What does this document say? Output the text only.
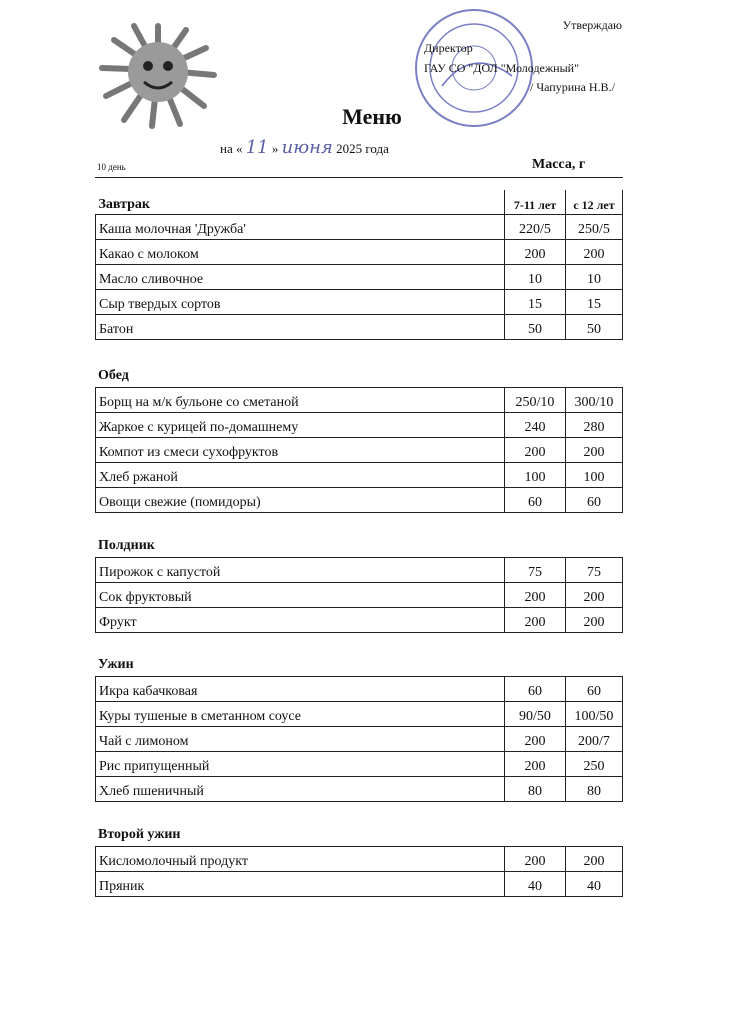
Утверждаю
Директор
ГАУ СО "ДОЛ "Молодежный"
/ Чапурина Н.В./
Меню
на « 11 » июня 2025 года
10 день	Масса, г
Завтрак	7-11 лет	с 12 лет
Каша молочная 'Дружба'	220/5	250/5
Какао с молоком	200	200
Масло сливочное	10	10
Сыр твердых сортов	15	15
Батон	50	50
Обед
Борщ на м/к бульоне со сметаной	250/10	300/10
Жаркое с курицей по-домашнему	240	280
Компот из смеси сухофруктов	200	200
Хлеб ржаной	100	100
Овощи свежие (помидоры)	60	60
Полдник
Пирожок с капустой	75	75
Сок фруктовый	200	200
Фрукт	200	200
Ужин
Икра кабачковая	60	60
Куры тушеные в сметанном соусе	90/50	100/50
Чай с лимоном	200	200/7
Рис припущенный	200	250
Хлеб пшеничный	80	80
Второй ужин
Кисломолочный продукт	200	200
Пряник	40	40
